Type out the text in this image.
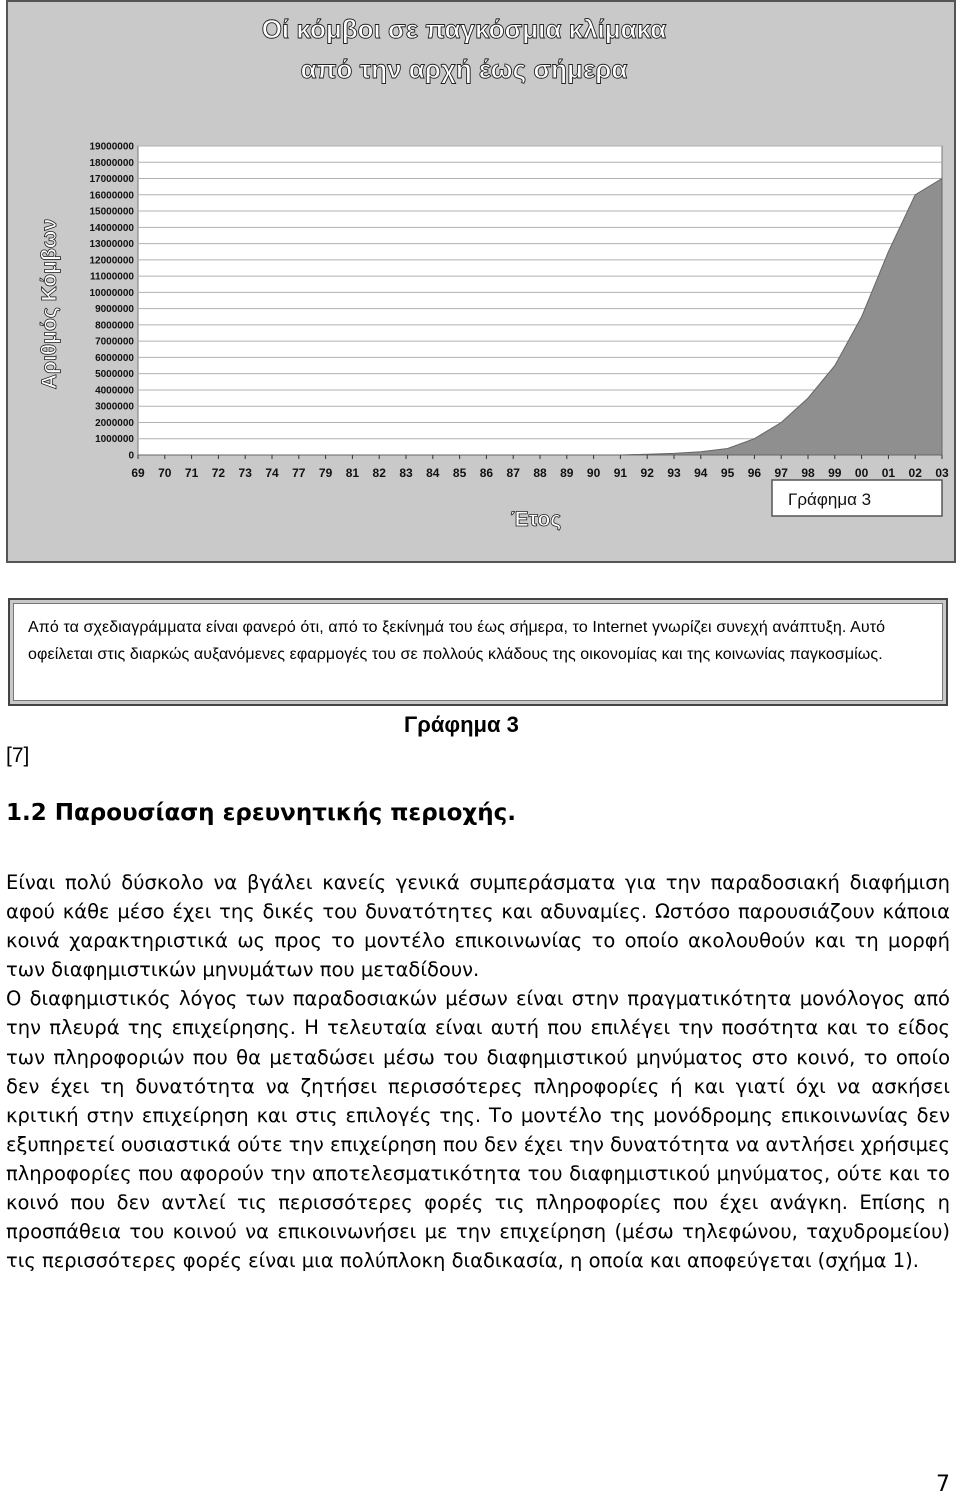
Οί κόμβοι σε παγκόσμια κλίμακα
από την αρχή έως σήμερα
Αριθμός Κόμβων
0
1000000
2000000
3000000
4000000
5000000
6000000
7000000
8000000
9000000
10000000
11000000
12000000
13000000
14000000
15000000
16000000
17000000
18000000
19000000
69 70 71 72 73 74 77 79 81 82 83 84 85 86 87 88 89 90 91 92 93 94 95 96 97 98 99 00 01 02 03
Έτος
Γράφημα 3
Από τα σχεδιαγράμματα είναι φανερό ότι, από το ξεκίνημά του έως σήμερα, το Internet γνωρίζει συνεχή ανάπτυξη. Αυτό οφείλεται στις διαρκώς αυξανόμενες εφαρμογές του σε πολλούς κλάδους της οικονομίας και της κοινωνίας παγκοσμίως.
[7]
Γράφημα 3
1.2 Παρουσίαση ερευνητικής περιοχής.

Είναι πολύ δύσκολο να βγάλει κανείς γενικά συμπεράσματα για την παραδοσιακή διαφήμιση αφού κάθε μέσο έχει της δικές του δυνατότητες και αδυναμίες. Ωστόσο παρουσιάζουν κάποια κοινά χαρακτηριστικά ως προς το μοντέλο επικοινωνίας το οποίο ακολουθούν και τη μορφή των διαφημιστικών μηνυμάτων που μεταδίδουν.

Ο διαφημιστικός λόγος των παραδοσιακών μέσων είναι στην πραγματικότητα μονόλογος από την πλευρά της επιχείρησης. Η τελευταία είναι αυτή που επιλέγει την ποσότητα και το είδος των πληροφοριών που θα μεταδώσει μέσω του διαφημιστικού μηνύματος στο κοινό, το οποίο δεν έχει τη δυνατότητα να ζητήσει περισσότερες πληροφορίες ή και γιατί όχι να ασκήσει κριτική στην επιχείρηση και στις επιλογές της. Το μοντέλο της μονόδρομης επικοινωνίας δεν εξυπηρετεί ουσιαστικά ούτε την επιχείρηση που δεν έχει την δυνατότητα να αντλήσει χρήσιμες πληροφορίες που αφορούν την αποτελεσματικότητα του διαφημιστικού μηνύματος, ούτε και το κοινό που δεν αντλεί τις περισσότερες φορές τις πληροφορίες που έχει ανάγκη. Επίσης η προσπάθεια του κοινού να επικοινωνήσει με την επιχείρηση (μέσω τηλεφώνου, ταχυδρομείου) τις περισσότερες φορές είναι μια πολύπλοκη διαδικασία, η οποία και αποφεύγεται (σχήμα 1).

7
